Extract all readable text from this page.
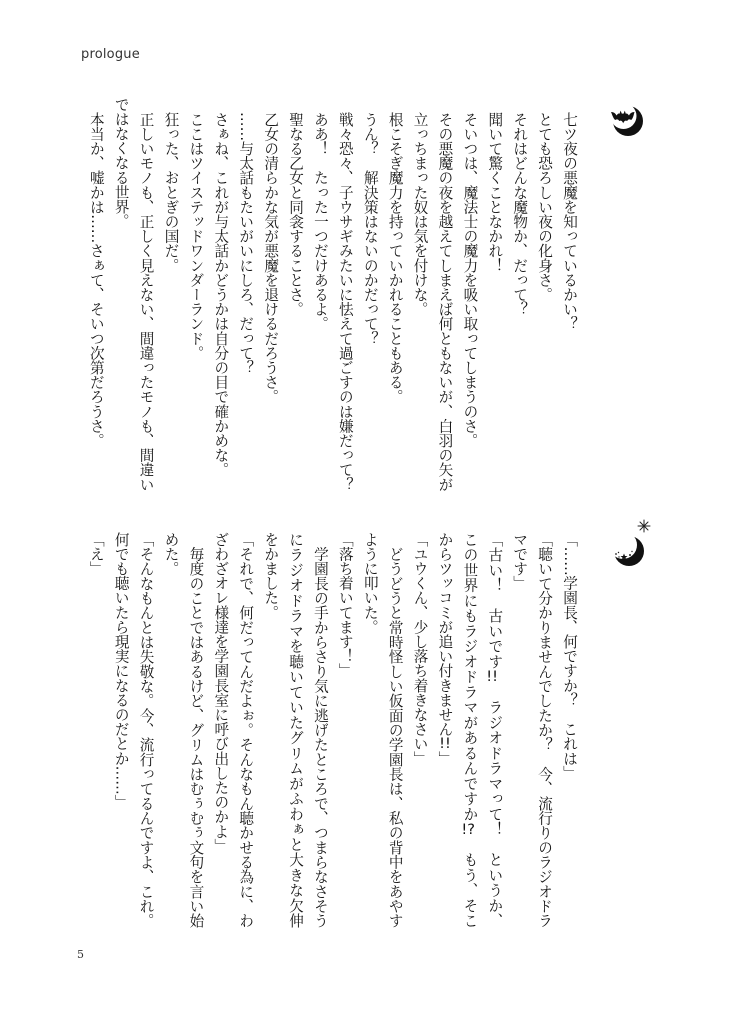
prologue
七ツ夜の悪魔を知っているかい？
とても恐ろしい夜の化身さ。
それはどんな魔物か、だって？
聞いて驚くことなかれ！
そいつは、魔法士の魔力を吸い取ってしまうのさ。
その悪魔の夜を越えてしまえば何ともないが、白羽の矢が
立っちまった奴は気を付けな。
根こそぎ魔力を持っていかれることもある。
うん？　解決策はないのかだって？
戦々恐々、子ウサギみたいに怯えて過ごすのは嫌だって？
ああ！　たった一つだけあるよ。
聖なる乙女と同衾することさ。
乙女の清らかな気が悪魔を退けるだろうさ。
……与太話もたいがいにしろ、だって？
さぁね、これが与太話かどうかは自分の目で確かめな。
ここはツイステッドワンダーランド。
狂った、おとぎの国だ。
正しいモノも、正しく見えない、間違ったモノも、間違い
ではなくなる世界。
本当か、嘘かは……さぁて、そいつ次第だろうさ。
「……学園長、何ですか？　これは」
「聴いて分かりませんでしたか？　今、流行りのラジオドラ
マです」
「古い！　古いです!!　ラジオドラマって！　というか、
この世界にもラジオドラマがあるんですか!?　もう、そこ
からツッコミが追い付きません!!」
「ユウくん、少し落ち着きなさい」
　どうどうと常時怪しい仮面の学園長は、私の背中をあやす
ように叩いた。
「落ち着いてます！」
　学園長の手からさり気に逃げたところで、つまらなさそう
にラジオドラマを聴いていたグリムがふわぁと大きな欠伸
をかました。
「それで、何だってんだよぉ。そんなもん聴かせる為に、わ
ざわざオレ様達を学園長室に呼び出したのかよ」
　毎度のことではあるけど、グリムはむぅむぅ文句を言い始
めた。
「そんなもんとは失敬な。今、流行ってるんですよ、これ。
何でも聴いたら現実になるのだとか……」
「え」
5
